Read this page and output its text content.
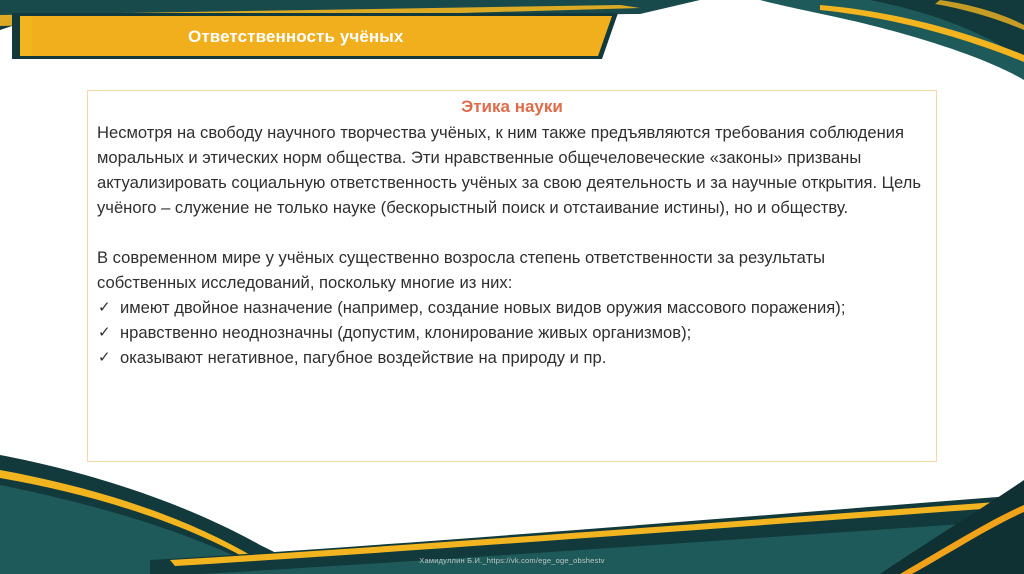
Ответственность учёных
Этика науки

Несмотря на свободу научного творчества учёных, к ним также предъявляются требования соблюдения моральных и этических норм общества. Эти нравственные общечеловеческие «законы» призваны актуализировать социальную ответственность учёных за свою деятельность и за научные открытия. Цель учёного – служение не только науке (бескорыстный поиск и отстаивание истины), но и обществу.

В современном мире у учёных существенно возросла степень ответственности за результаты собственных исследований, поскольку многие из них:

✓ имеют двойное назначение (например, создание новых видов оружия массового поражения);
✓ нравственно неоднозначны (допустим, клонирование живых организмов);
✓ оказывают негативное, пагубное воздействие на природу и пр.
Хамидуллин Б.И._https://vk.com/ege_oge_obshestv
